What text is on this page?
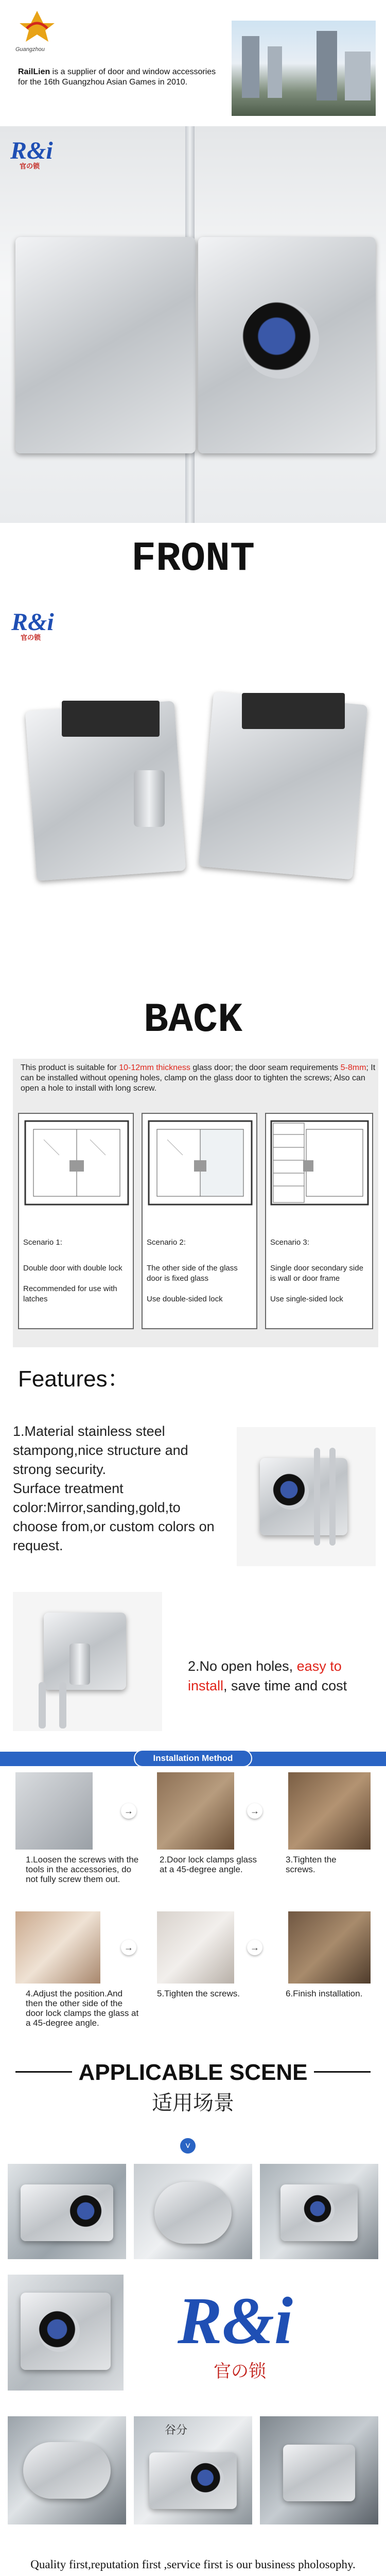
Guangzhou
RailLien is a supplier of door and window accessories for the 16th Guangzhou Asian Games in 2010.
R&i
官の锁
FRONT
R&i
官の锁
BACK
This product is suitable for 10-12mm thickness glass door; the door seam requirements 5-8mm; It can be installed without opening holes, clamp on the glass door to tighten the screws; Also can open a hole to install with long screw.
Scenario 1:
Double door with double lock
Recommended for use with latches
Scenario 2:
The other side of the glass door is fixed glass
Use double-sided lock
Scenario 3:
Single door secondary side is wall or door frame
Use single-sided lock
Features：
1.Material stainless steel stampong,nice structure and strong security.
Surface treatment color:Mirror,sanding,gold,to choose from,or custom colors on request.
2.No open holes, easy to install, save time and cost
Installation Method
→	→
1.Loosen the screws with the tools in the accessories, do not fully screw them out.
2.Door lock clamps glass at a 45-degree angle.
3.Tighten the screws.
→	→
4.Adjust the position.And then the other side of the door lock clamps the glass at a 45-degree angle.
5.Tighten the screws.	6.Finish installation.
APPLICABLE SCENE
适用场景
˅
R&i
官の锁
谷分
Quality first,reputation first ,service first is our business pholosophy.
